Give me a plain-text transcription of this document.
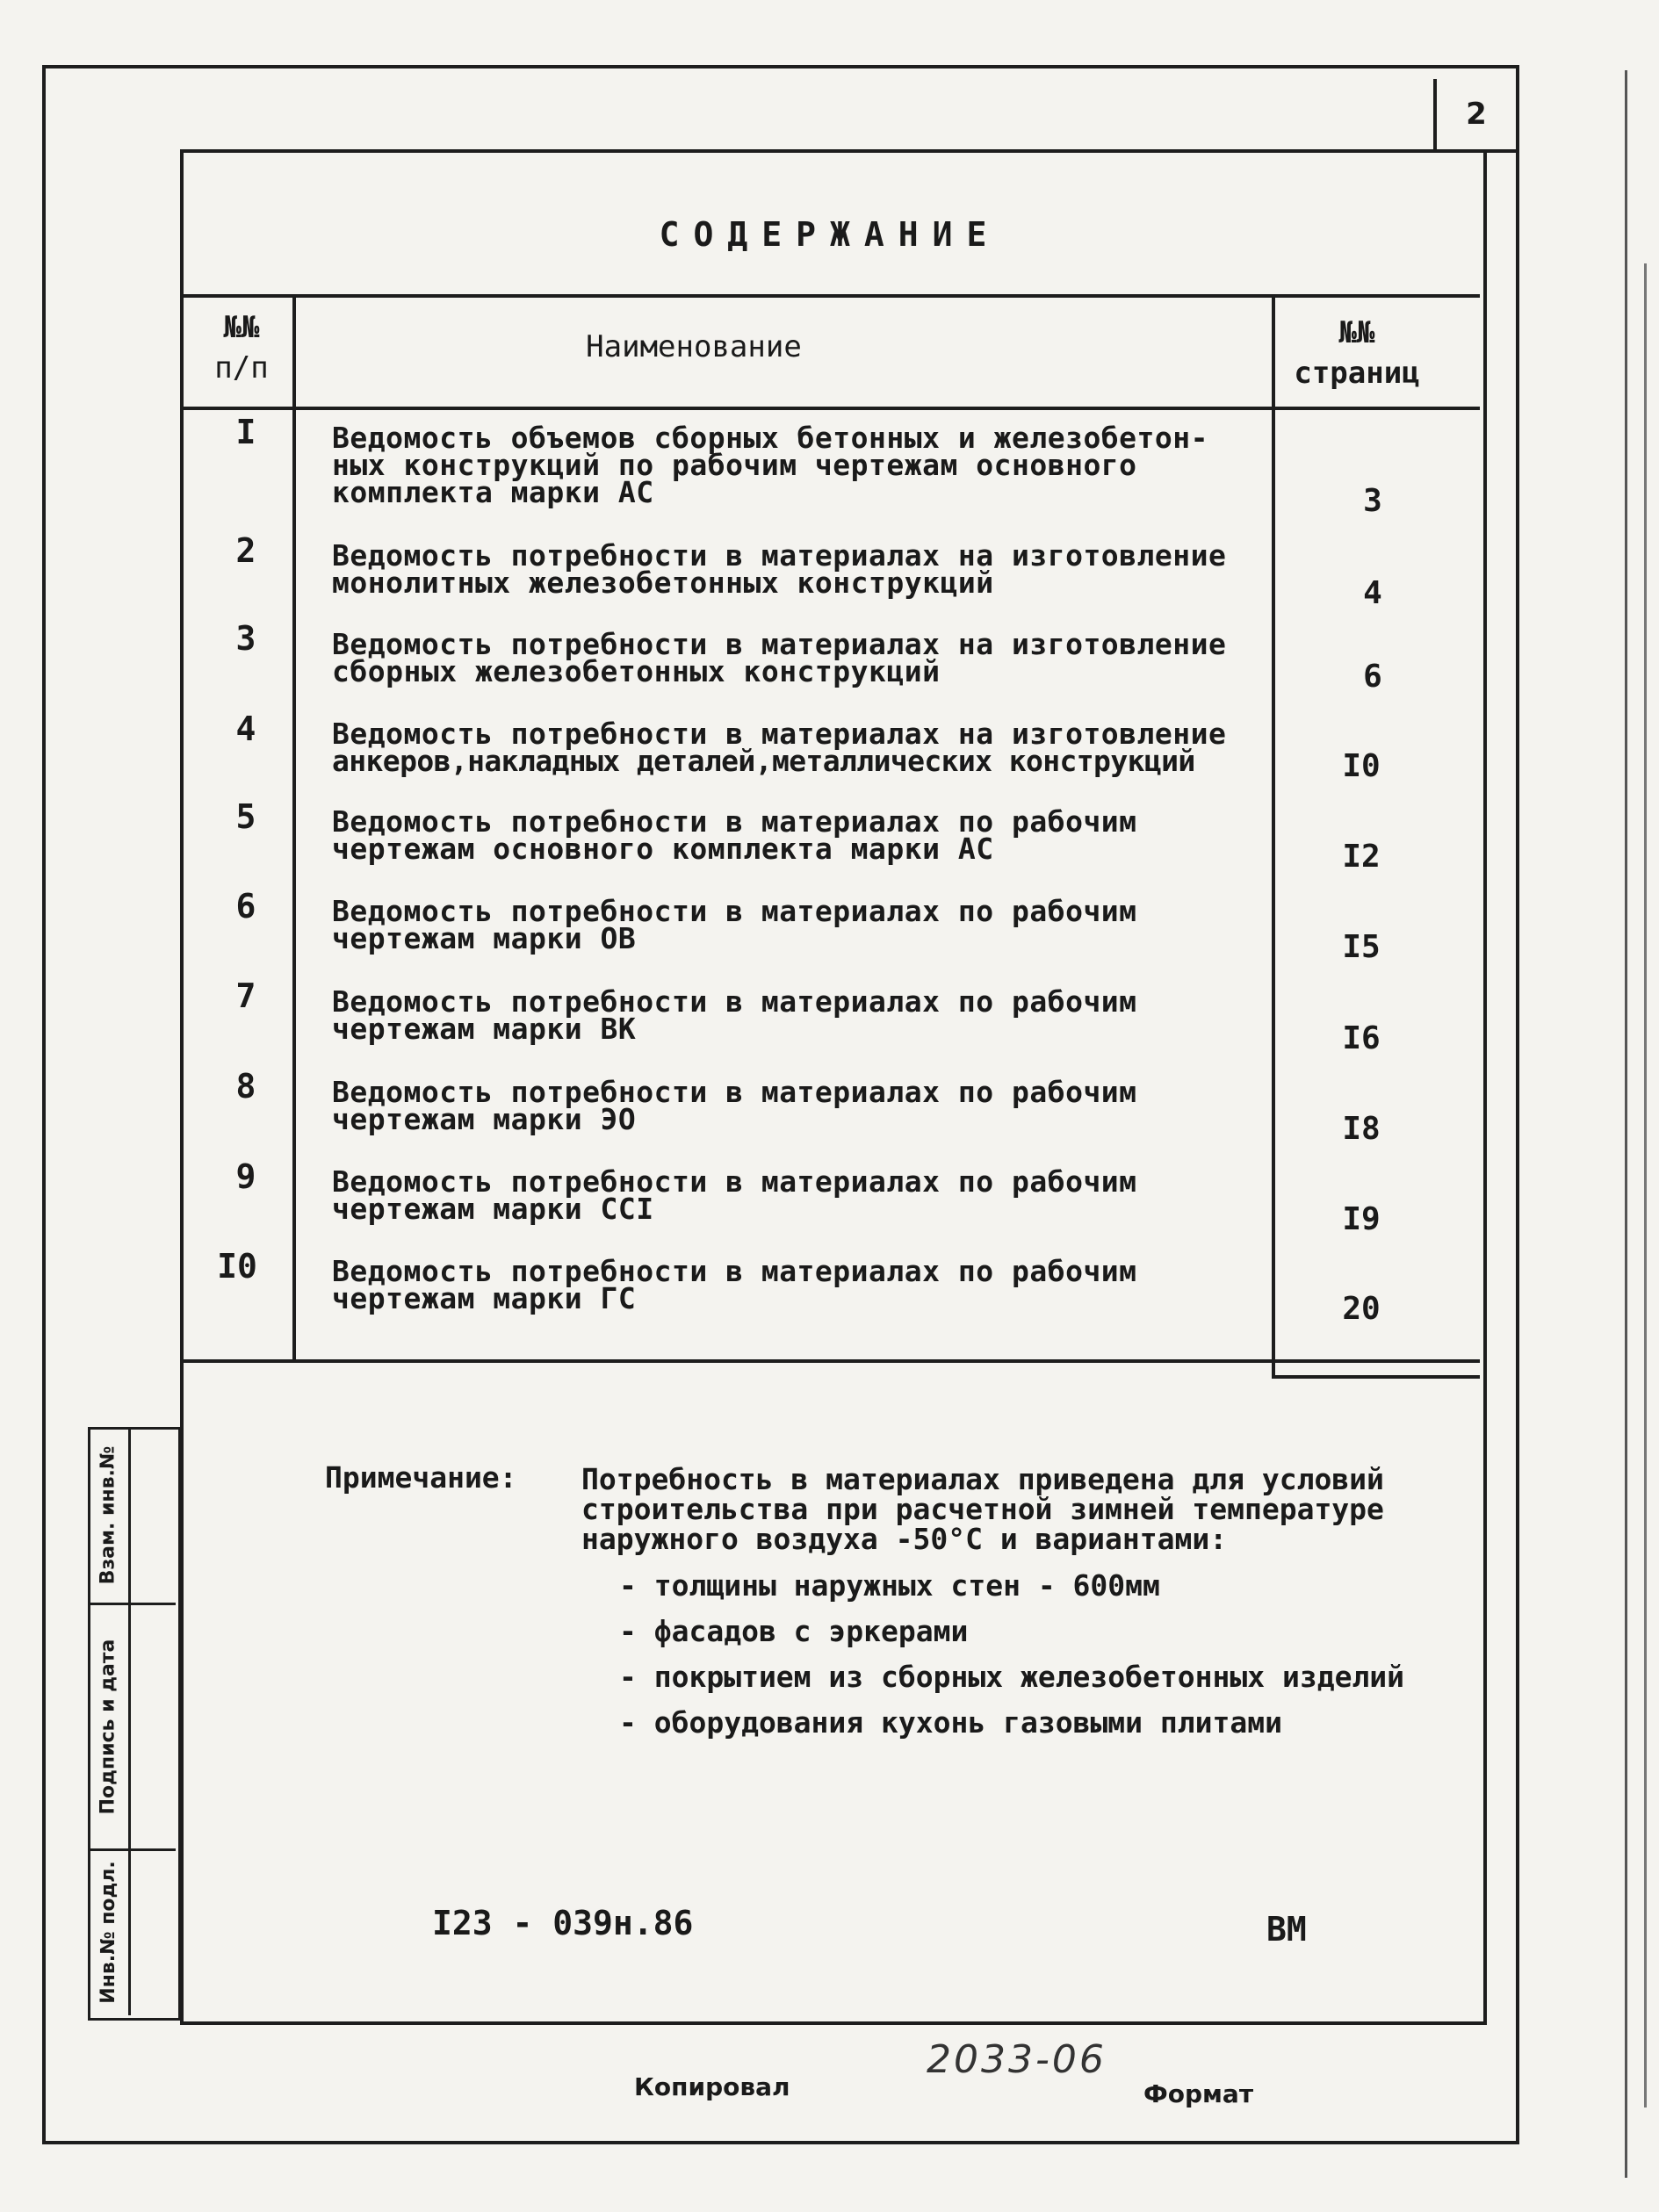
2
СОДЕРЖАНИЕ
№№
п/п
Наименование	№№
страниц
I	Ведомость объемов сборных бетонных и железобетон-
ных конструкций по рабочим чертежам основного
комплекта марки АС	3
2	Ведомость потребности в материалах на изготовление
монолитных железобетонных конструкций	4
3	Ведомость потребности в материалах на изготовление
сборных железобетонных конструкций	6
4	Ведомость потребности в материалах на изготовление
анкеров,накладных деталей,металлических конструкций	I0
5	Ведомость потребности в материалах по рабочим
чертежам основного комплекта марки АС	I2
6	Ведомость потребности в материалах по рабочим
чертежам марки ОВ	I5
7	Ведомость потребности в материалах по рабочим
чертежам марки ВК	I6
8	Ведомость потребности в материалах по рабочим
чертежам марки ЭО	I8
9	Ведомость потребности в материалах по рабочим
чертежам марки ССI	I9
I0	Ведомость потребности в материалах по рабочим
чертежам марки ГС	20
Примечание: Потребность в материалах приведена для условий
строительства при расчетной зимней температуре
наружного воздуха -50°С и вариантами:
- толщины наружных стен - 600мм
- фасадов с эркерами
- покрытием из сборных железобетонных изделий
- оборудования кухонь газовыми плитами
I23 - 039н.86	ВМ
Взам. инв.№
Подпись и дата
Инв.№ подл.
Копировал
2033-06
Формат
